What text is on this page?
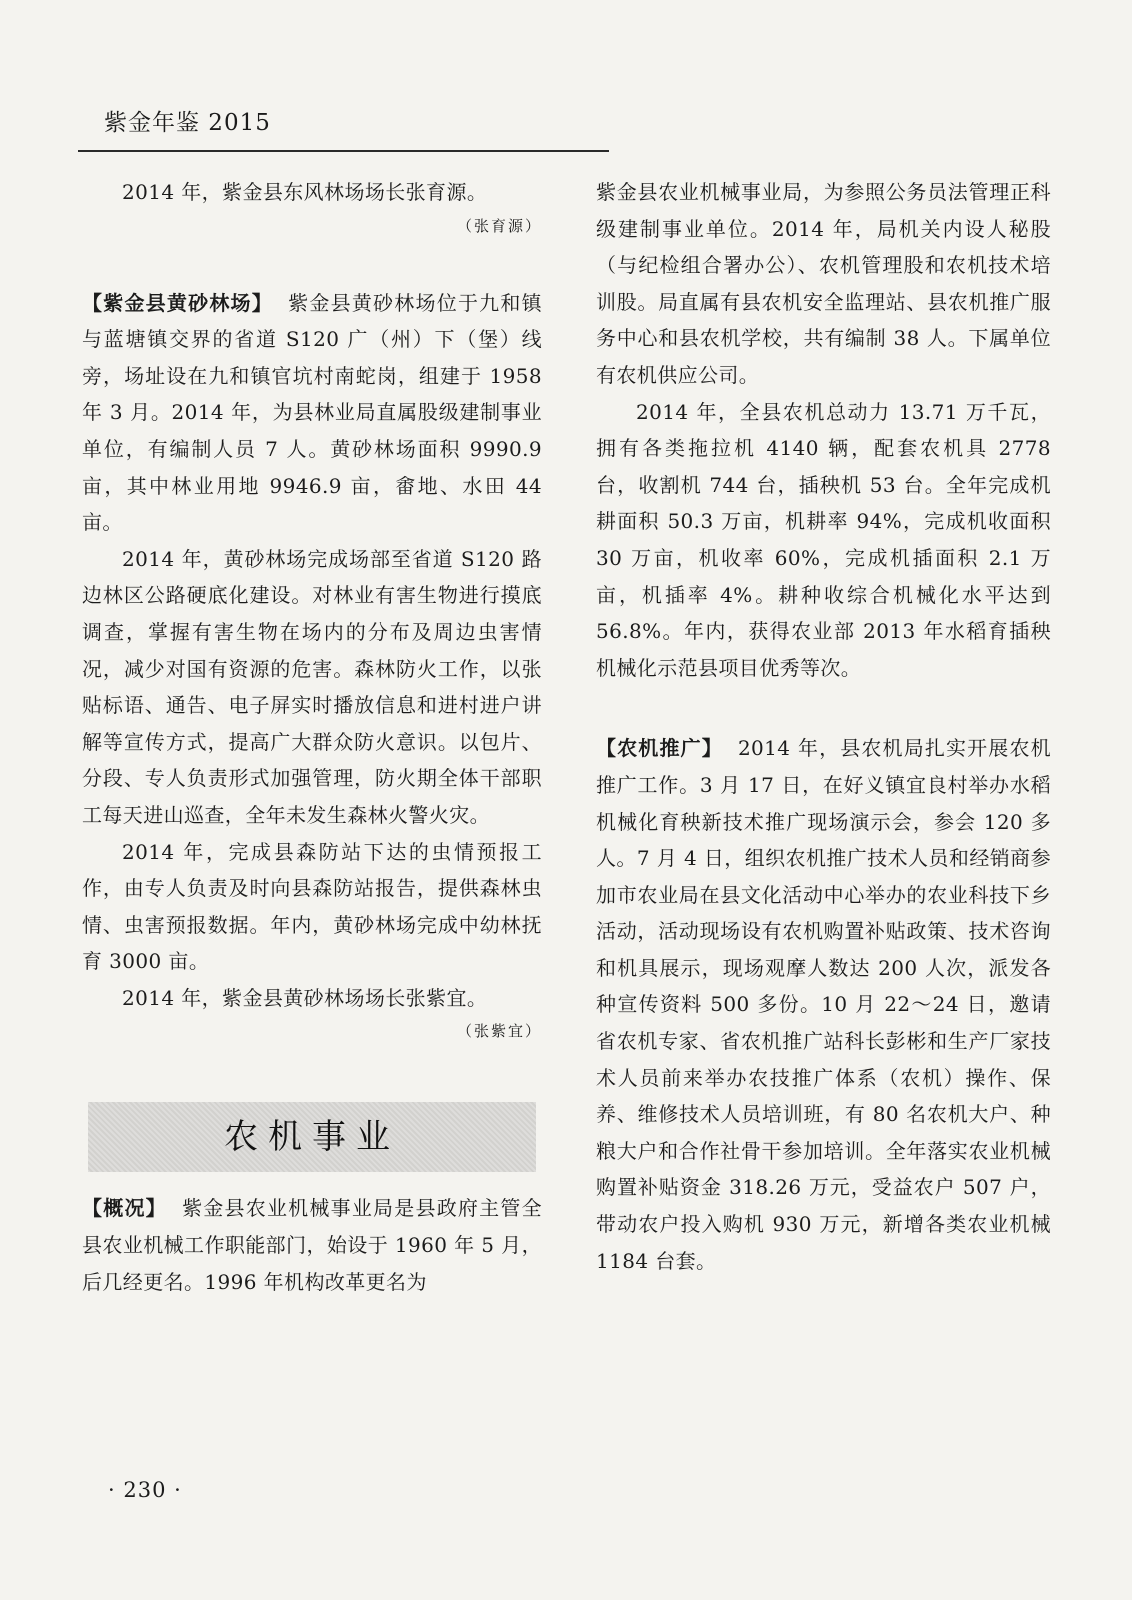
紫金年鉴 2015

2014 年，紫金县东风林场场长张育源。

（张育源）

【紫金县黄砂林场】 紫金县黄砂林场位于九和镇与蓝塘镇交界的省道 S120 广（州）下（堡）线旁，场址设在九和镇官坑村南蛇岗，组建于 1958 年 3 月。2014 年，为县林业局直属股级建制事业单位，有编制人员 7 人。黄砂林场面积 9990.9 亩，其中林业用地 9946.9 亩，畬地、水田 44 亩。

2014 年，黄砂林场完成场部至省道 S120 路边林区公路硬底化建设。对林业有害生物进行摸底调查，掌握有害生物在场内的分布及周边虫害情况，减少对国有资源的危害。森林防火工作，以张贴标语、通告、电子屏实时播放信息和进村进户讲解等宣传方式，提高广大群众防火意识。以包片、分段、专人负责形式加强管理，防火期全体干部职工每天进山巡查，全年未发生森林火警火灾。

2014 年，完成县森防站下达的虫情预报工作，由专人负责及时向县森防站报告，提供森林虫情、虫害预报数据。年内，黄砂林场完成中幼林抚育 3000 亩。

2014 年，紫金县黄砂林场场长张紫宜。

（张紫宜）

农机事业

【概况】 紫金县农业机械事业局是县政府主管全县农业机械工作职能部门，始设于 1960 年 5 月，后几经更名。1996 年机构改革更名为

紫金县农业机械事业局，为参照公务员法管理正科级建制事业单位。2014 年，局机关内设人秘股（与纪检组合署办公）、农机管理股和农机技术培训股。局直属有县农机安全监理站、县农机推广服务中心和县农机学校，共有编制 38 人。下属单位有农机供应公司。

2014 年，全县农机总动力 13.71 万千瓦，拥有各类拖拉机 4140 辆，配套农机具 2778 台，收割机 744 台，插秧机 53 台。全年完成机耕面积 50.3 万亩，机耕率 94%，完成机收面积 30 万亩，机收率 60%，完成机插面积 2.1 万亩，机插率 4%。耕种收综合机械化水平达到 56.8%。年内，获得农业部 2013 年水稻育插秧机械化示范县项目优秀等次。

【农机推广】 2014 年，县农机局扎实开展农机推广工作。3 月 17 日，在好义镇宜良村举办水稻机械化育秧新技术推广现场演示会，参会 120 多人。7 月 4 日，组织农机推广技术人员和经销商参加市农业局在县文化活动中心举办的农业科技下乡活动，活动现场设有农机购置补贴政策、技术咨询和机具展示，现场观摩人数达 200 人次，派发各种宣传资料 500 多份。10 月 22～24 日，邀请省农机专家、省农机推广站科长彭彬和生产厂家技术人员前来举办农技推广体系（农机）操作、保养、维修技术人员培训班，有 80 名农机大户、种粮大户和合作社骨干参加培训。全年落实农业机械购置补贴资金 318.26 万元，受益农户 507 户，带动农户投入购机 930 万元，新增各类农业机械 1184 台套。

· 230 ·
